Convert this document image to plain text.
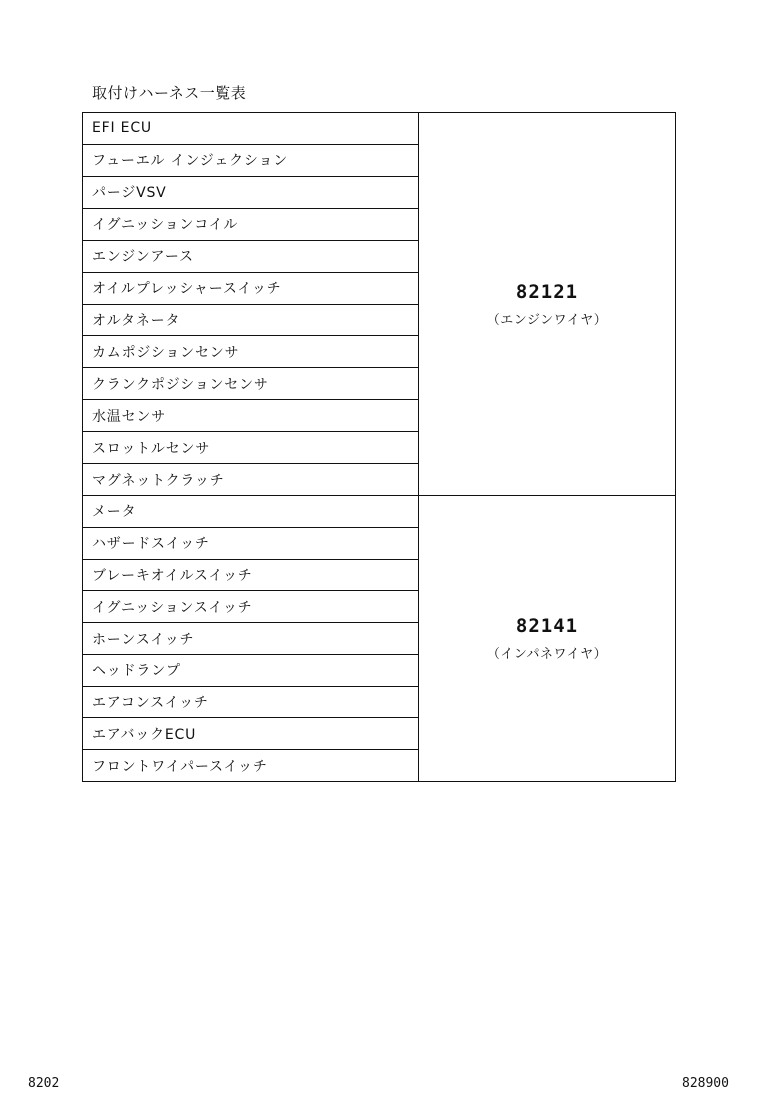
取付けハーネス一覧表
EFI ECU
フューエル インジェクション
パージVSV
イグニッションコイル
エンジンアース
オイルプレッシャースイッチ
オルタネータ
カムポジションセンサ
クランクポジションセンサ
水温センサ
スロットルセンサ
マグネットクラッチ
82121
（エンジンワイヤ）
メータ
ハザードスイッチ
ブレーキオイルスイッチ
イグニッションスイッチ
ホーンスイッチ
ヘッドランプ
エアコンスイッチ
エアバックECU
フロントワイパースイッチ
82141
（インパネワイヤ）
8202	828900
